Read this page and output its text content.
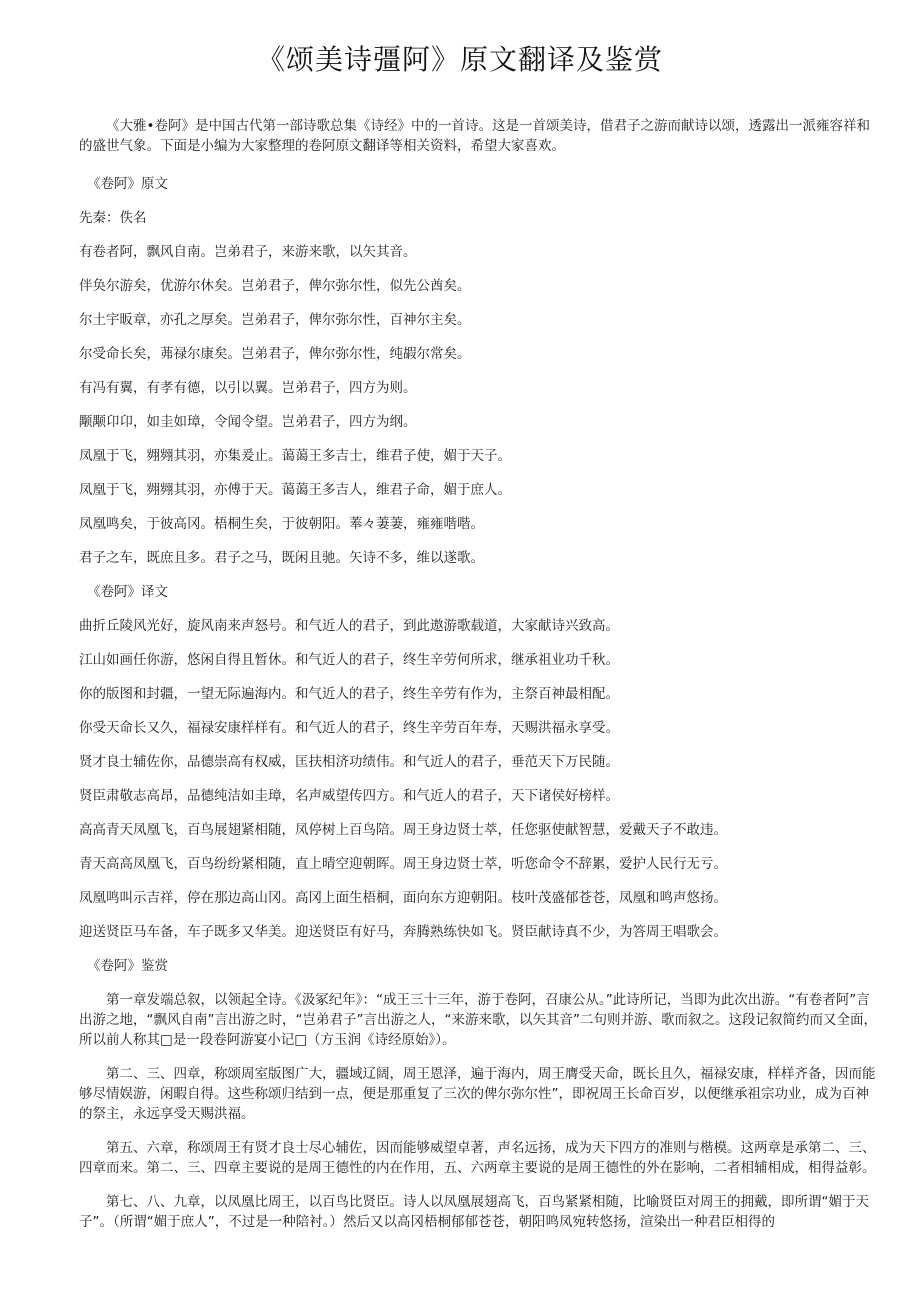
《颂美诗彊阿》原文翻译及鉴赏

《大雅•卷阿》是中国古代第一部诗歌总集《诗经》中的一首诗。这是一首颂美诗，借君子之游而献诗以颂，透露出一派雍容祥和的盛世气象。下面是小编为大家整理的卷阿原文翻译等相关资料，希望大家喜欢。

《卷阿》原文

先秦：佚名

有卷者阿，飘风自南。岂弟君子，来游来歌，以矢其音。

伴奂尔游矣，优游尔休矣。岂弟君子，俾尔弥尔性，似先公酋矣。

尔土宇昄章，亦孔之厚矣。岂弟君子，俾尔弥尔性，百神尔主矣。

尔受命长矣，茀禄尔康矣。岂弟君子，俾尔弥尔性，纯嘏尔常矣。

有冯有翼，有孝有德，以引以翼。岂弟君子，四方为则。

颙颙卬卬，如圭如璋，令闻令望。岂弟君子，四方为纲。

凤凰于飞，翙翙其羽，亦集爰止。蔼蔼王多吉士，维君子使，媚于天子。

凤凰于飞，翙翙其羽，亦傅于天。蔼蔼王多吉人，维君子命，媚于庶人。

凤凰鸣矣，于彼高冈。梧桐生矣，于彼朝阳。菶々萋萋，雍雍喈喈。

君子之车，既庶且多。君子之马，既闲且驰。矢诗不多，维以遂歌。

《卷阿》译文

曲折丘陵风光好，旋风南来声怒号。和气近人的君子，到此遨游歌载道，大家献诗兴致高。

江山如画任你游，悠闲自得且暂休。和气近人的君子，终生辛劳何所求，继承祖业功千秋。

你的版图和封疆，一望无际遍海内。和气近人的君子，终生辛劳有作为，主祭百神最相配。

你受天命长又久，福禄安康样样有。和气近人的君子，终生辛劳百年寿，天赐洪福永享受。

贤才良士辅佐你，品德崇高有权威，匡扶相济功绩伟。和气近人的君子，垂范天下万民随。

贤臣肃敬志高昂，品德纯洁如圭璋，名声威望传四方。和气近人的君子，天下诸侯好榜样。

高高青天凤凰飞，百鸟展翅紧相随，凤停树上百鸟陪。周王身边贤士萃，任您驱使献智慧，爱戴天子不敢违。

青天高高凤凰飞，百鸟纷纷紧相随，直上晴空迎朝晖。周王身边贤士萃，听您命令不辞累，爱护人民行无亏。

凤凰鸣叫示吉祥，停在那边高山冈。高冈上面生梧桐，面向东方迎朝阳。枝叶茂盛郁苍苍，凤凰和鸣声悠扬。

迎送贤臣马车备，车子既多又华美。迎送贤臣有好马，奔腾熟练快如飞。贤臣献诗真不少，为答周王唱歌会。

《卷阿》鉴赏

第一章发端总叙，以领起全诗。《汲冢纪年》：“成王三十三年，游于卷阿，召康公从。”此诗所记，当即为此次出游。“有卷者阿”言出游之地，“飘风自南”言出游之时，“岂弟君子”言出游之人，“来游来歌，以矢其音”二句则并游、歌而叙之。这段记叙简约而又全面，所以前人称其□是一段卷阿游宴小记□（方玉润《诗经原始》）。

第二、三、四章，称颂周室版图广大，疆域辽阔，周王恩泽，遍于海内，周王膺受天命，既长且久，福禄安康，样样齐备，因而能够尽情娱游，闲暇自得。这些称颂归结到一点，便是那重复了三次的俾尔弥尔性”，即祝周王长命百岁，以便继承祖宗功业，成为百神的祭主，永远享受天赐洪福。

第五、六章，称颂周王有贤才良士尽心辅佐，因而能够威望卓著，声名远扬，成为天下四方的准则与楷模。这两章是承第二、三、四章而来。第二、三、四章主要说的是周王德性的内在作用，五、六两章主要说的是周王德性的外在影响，二者相辅相成，相得益彰。

第七、八、九章，以凤凰比周王，以百鸟比贤臣。诗人以凤凰展翅高飞，百鸟紧紧相随，比喻贤臣对周王的拥戴，即所谓“媚于天子”。（所谓“媚于庶人”，不过是一种陪衬。）然后又以高冈梧桐郁郁苍苍，朝阳鸣凤宛转悠扬，渲染出一种君臣相得的
